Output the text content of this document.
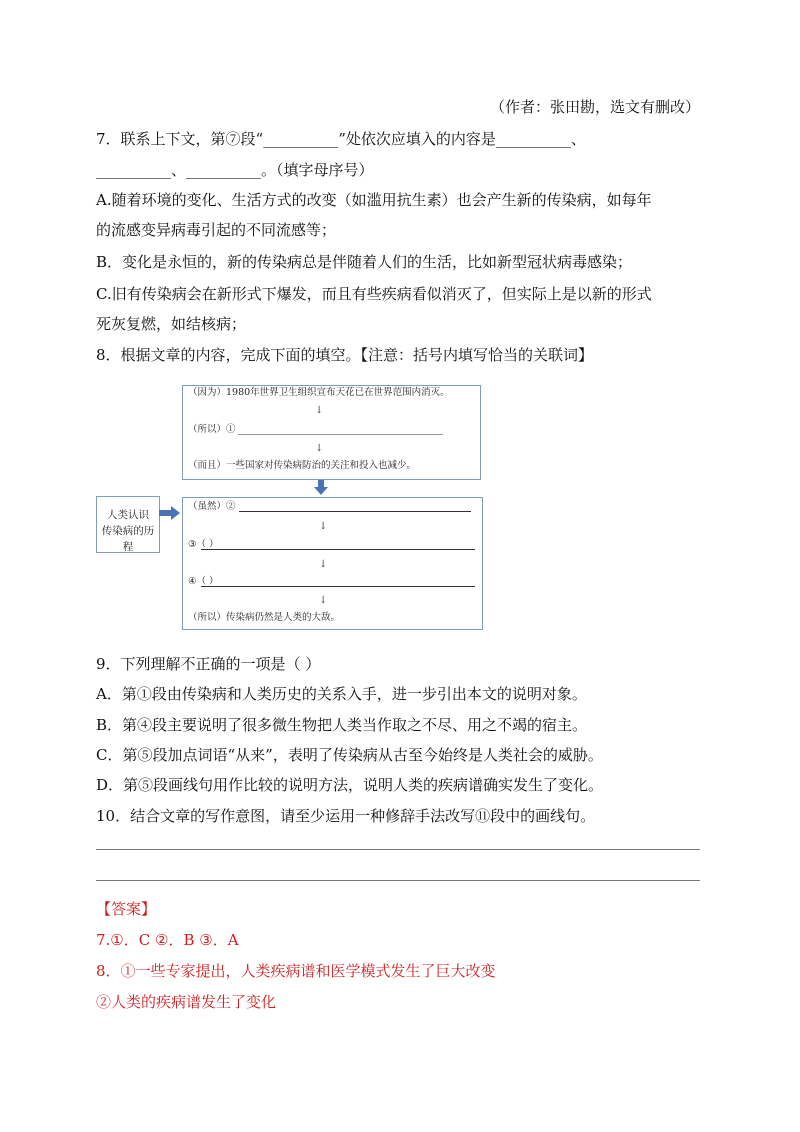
（作者：张田勘，选文有删改）
7．联系上下文，第⑦段“__________”处依次应填入的内容是__________、
__________、__________。（填字母序号）
A.随着环境的变化、生活方式的改变（如滥用抗生素）也会产生新的传染病，如每年
的流感变异病毒引起的不同流感等；
B．变化是永恒的，新的传染病总是伴随着人们的生活，比如新型冠状病毒感染；
C.旧有传染病会在新形式下爆发，而且有些疾病看似消灭了，但实际上是以新的形式
死灰复燃，如结核病；
8．根据文章的内容，完成下面的填空。【注意：括号内填写恰当的关联词】
人类认识
传染病的历程
（因为）1980年世界卫生组织宣布天花已在世界范围内消灭。
↓
（所以）①
↓
（而且）一些国家对传染病防治的关注和投入也减少。
（虽然）②
↓
③（ ）
↓
④（ ）
↓
（所以）传染病仍然是人类的大敌。
9．下列理解不正确的一项是（ ）
A．第①段由传染病和人类历史的关系入手，进一步引出本文的说明对象。
B．第④段主要说明了很多微生物把人类当作取之不尽、用之不竭的宿主。
C．第⑤段加点词语“从来”，表明了传染病从古至今始终是人类社会的威胁。
D．第⑤段画线句用作比较的说明方法，说明人类的疾病谱确实发生了变化。
10．结合文章的写作意图，请至少运用一种修辞手法改写⑪段中的画线句。
【答案】
7.①．C ②．B ③．A
8．①一些专家提出，人类疾病谱和医学模式发生了巨大改变
②人类的疾病谱发生了变化
